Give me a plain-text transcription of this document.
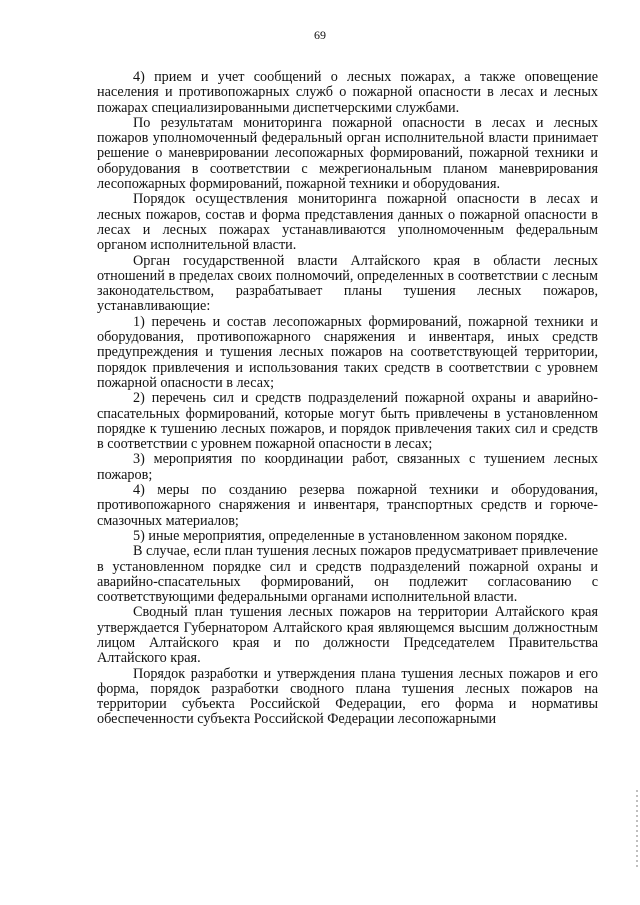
69

4) прием и учет сообщений о лесных пожарах, а также оповещение населения и противопожарных служб о пожарной опасности в лесах и лесных пожарах специализированными диспетчерскими службами.

По результатам мониторинга пожарной опасности в лесах и лесных пожаров уполномоченный федеральный орган исполнительной власти принимает решение о маневрировании лесопожарных формирований, пожарной техники и оборудования в соответствии с межрегиональным планом маневрирования лесопожарных формирований, пожарной техники и оборудования.

Порядок осуществления мониторинга пожарной опасности в лесах и лесных пожаров, состав и форма представления данных о пожарной опасности в лесах и лесных пожарах устанавливаются уполномоченным федеральным органом исполнительной власти.

Орган государственной власти Алтайского края в области лесных отношений в пределах своих полномочий, определенных в соответствии с лесным законодательством, разрабатывает планы тушения лесных пожаров, устанавливающие:

1) перечень и состав лесопожарных формирований, пожарной техники и оборудования, противопожарного снаряжения и инвентаря, иных средств предупреждения и тушения лесных пожаров на соответствующей территории, порядок привлечения и использования таких средств в соответствии с уровнем пожарной опасности в лесах;

2) перечень сил и средств подразделений пожарной охраны и аварийно-спасательных формирований, которые могут быть привлечены в установленном порядке к тушению лесных пожаров, и порядок привлечения таких сил и средств в соответствии с уровнем пожарной опасности в лесах;

3) мероприятия по координации работ, связанных с тушением лесных пожаров;

4) меры по созданию резерва пожарной техники и оборудования, противопожарного снаряжения и инвентаря, транспортных средств и горюче-смазочных материалов;

5) иные мероприятия, определенные в установленном законом порядке.

В случае, если план тушения лесных пожаров предусматривает привлечение в установленном порядке сил и средств подразделений пожарной охраны и аварийно-спасательных формирований, он подлежит согласованию с соответствующими федеральными органами исполнительной власти.

Сводный план тушения лесных пожаров на территории Алтайского края утверждается Губернатором Алтайского края являющемся высшим должностным лицом Алтайского края и по должности Председателем Правительства Алтайского края.

Порядок разработки и утверждения плана тушения лесных пожаров и его форма, порядок разработки сводного плана тушения лесных пожаров на территории субъекта Российской Федерации, его форма и нормативы обеспеченности субъекта Российской Федерации лесопожарными
